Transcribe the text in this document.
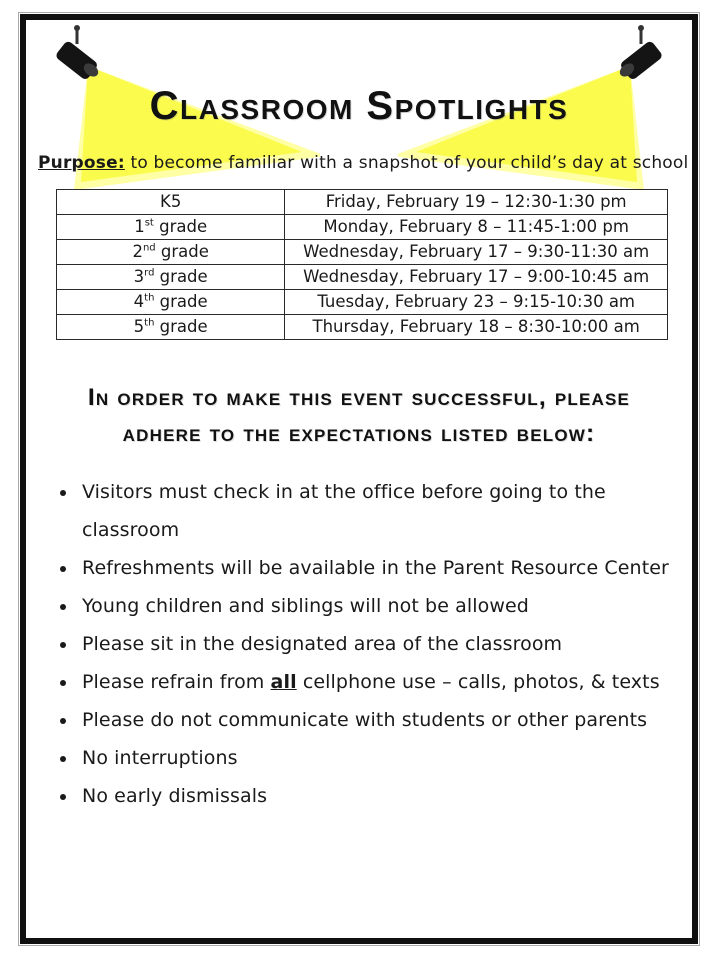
Classroom Spotlights

Purpose: to become familiar with a snapshot of your child’s day at school

K5	Friday, February 19 – 12:30-1:30 pm
1st grade	Monday, February 8 – 11:45-1:00 pm
2nd grade	Wednesday, February 17 – 9:30-11:30 am
3rd grade	Wednesday, February 17 – 9:00-10:45 am
4th grade	Tuesday, February 23 – 9:15-10:30 am
5th grade	Thursday, February 18 – 8:30-10:00 am
In order to make this event successful, please
adhere to the expectations listed below:
• Visitors must check in at the office before going to the classroom
• Refreshments will be available in the Parent Resource Center
• Young children and siblings will not be allowed
• Please sit in the designated area of the classroom
• Please refrain from all cellphone use – calls, photos, & texts
• Please do not communicate with students or other parents
• No interruptions
• No early dismissals
